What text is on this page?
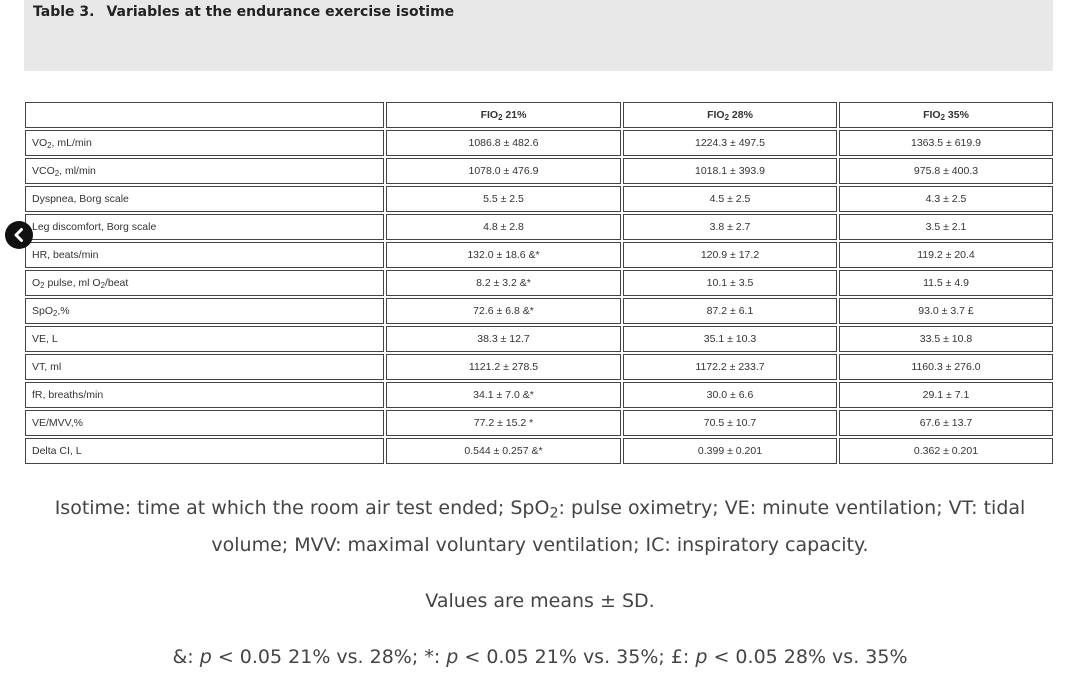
Table 3. Variables at the endurance exercise isotime
	$FIO_2$ 21%	$FIO_2$ 28%	$FIO_2$ 35%
$VO_2$, mL/min	1086.8 ± 482.6	1224.3 ± 497.5	1363.5 ± 619.9
$VCO_2$, ml/min	1078.0 ± 476.9	1018.1 ± 393.9	975.8 ± 400.3
Dyspnea, Borg scale	5.5 ± 2.5	4.5 ± 2.5	4.3 ± 2.5
Leg discomfort, Borg scale	4.8 ± 2.8	3.8 ± 2.7	3.5 ± 2.1
HR, beats/min	132.0 ± 18.6 &*	120.9 ± 17.2	119.2 ± 20.4
$O_2$ pulse, ml $O_2$/beat	8.2 ± 3.2 &*	10.1 ± 3.5	11.5 ± 4.9
SpO$_2$,%	72.6 ± 6.8 &*	87.2 ± 6.1	93.0 ± 3.7 £
VE, L	38.3 ± 12.7	35.1 ± 10.3	33.5 ± 10.8
VT, ml	1121.2 ± 278.5	1172.2 ± 233.7	1160.3 ± 276.0
fR, breaths/min	34.1 ± 7.0 &*	30.0 ± 6.6	29.1 ± 7.1
VE/MVV,%	77.2 ± 15.2 *	70.5 ± 10.7	67.6 ± 13.7
Delta CI, L	0.544 ± 0.257 &*	0.399 ± 0.201	0.362 ± 0.201

Isotime: time at which the room air test ended; SpO$_2$: pulse oximetry; VE: minute ventilation; VT: tidal
volume; MVV: maximal voluntary ventilation; IC: inspiratory capacity.

Values are means ± SD.

&: p < 0.05 21% vs. 28%; *: p < 0.05 21% vs. 35%; £: p < 0.05 28% vs. 35%
